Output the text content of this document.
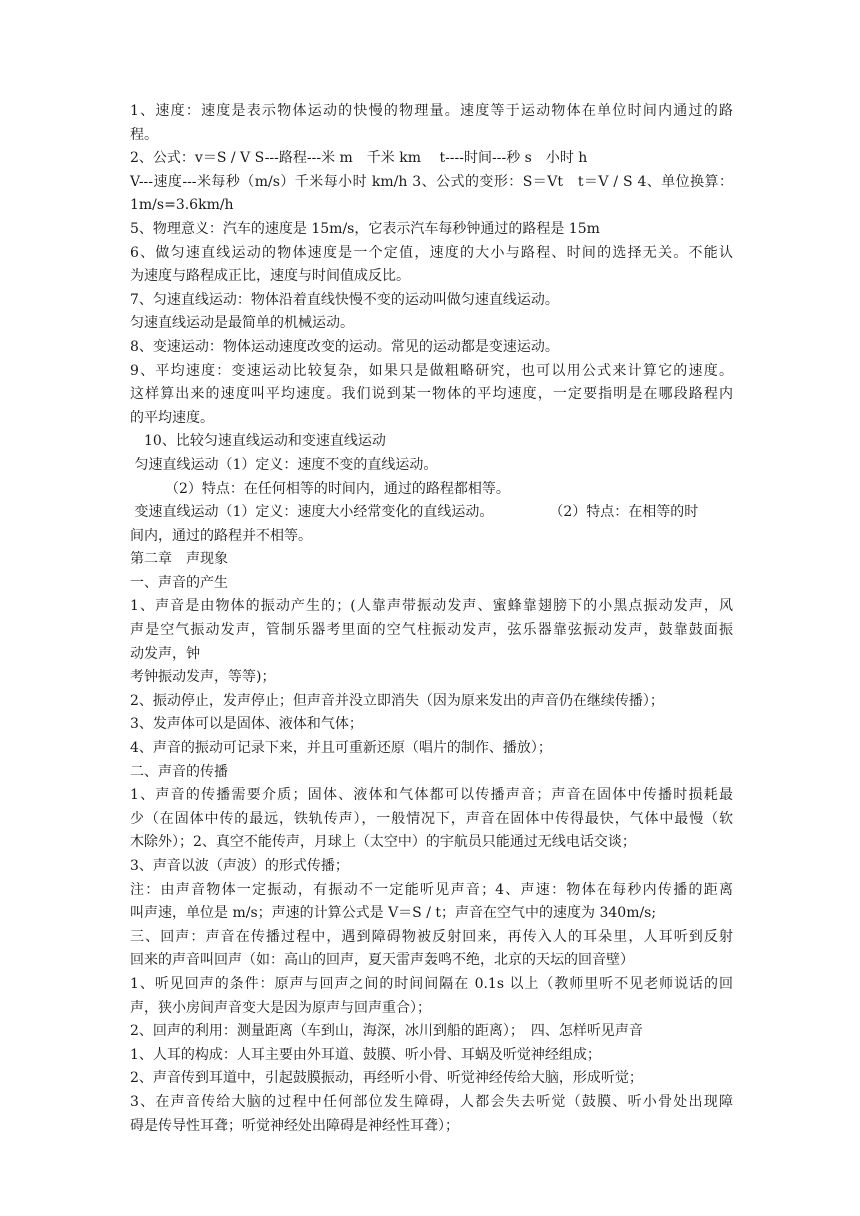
1、速度：速度是表示物体运动的快慢的物理量。速度等于运动物体在单位时间内通过的路
程。
2、公式：v＝S / V S---路程---米 m　千米 km　 t----时间---秒 s　小时 h
V---速度---米每秒（m/s）千米每小时 km/h 3、公式的变形：S＝Vt　t＝V / S 4、单位换算：
1m/s=3.6km/h
5、物理意义：汽车的速度是 15m/s，它表示汽车每秒钟通过的路程是 15m
6、做匀速直线运动的物体速度是一个定值，速度的大小与路程、时间的选择无关。不能认
为速度与路程成正比，速度与时间值成反比。
7、匀速直线运动：物体沿着直线快慢不变的运动叫做匀速直线运动。
匀速直线运动是最简单的机械运动。
8、变速运动：物体运动速度改变的运动。常见的运动都是变速运动。
9、平均速度：变速运动比较复杂，如果只是做粗略研究，也可以用公式来计算它的速度。
这样算出来的速度叫平均速度。我们说到某一物体的平均速度，一定要指明是在哪段路程内
的平均速度。
　10、比较匀速直线运动和变速直线运动
匀速直线运动（1）定义：速度不变的直线运动。
　　　（2）特点：在任何相等的时间内，通过的路程都相等。
变速直线运动（1）定义：速度大小经常变化的直线运动。　　　　　（2）特点：在相等的时
间内，通过的路程并不相等。
第二章　声现象
一、声音的产生
1、声音是由物体的振动产生的；(人靠声带振动发声、蜜蜂靠翅膀下的小黑点振动发声，风
声是空气振动发声，管制乐器考里面的空气柱振动发声，弦乐器靠弦振动发声，鼓靠鼓面振
动发声，钟
考钟振动发声，等等)；
2、振动停止，发声停止；但声音并没立即消失（因为原来发出的声音仍在继续传播）；
3、发声体可以是固体、液体和气体；
4、声音的振动可记录下来，并且可重新还原（唱片的制作、播放）；
二、声音的传播
1、声音的传播需要介质；固体、液体和气体都可以传播声音；声音在固体中传播时损耗最
少（在固体中传的最远，铁轨传声），一般情况下，声音在固体中传得最快，气体中最慢（软
木除外）；2、真空不能传声，月球上（太空中）的宇航员只能通过无线电话交谈；
3、声音以波（声波）的形式传播；
注：由声音物体一定振动，有振动不一定能听见声音；4、声速：物体在每秒内传播的距离
叫声速，单位是 m/s；声速的计算公式是 V＝S / t；声音在空气中的速度为 340m/s;
三、回声：声音在传播过程中，遇到障碍物被反射回来，再传入人的耳朵里，人耳听到反射
回来的声音叫回声（如：高山的回声，夏天雷声轰鸣不绝，北京的天坛的回音壁）
1、听见回声的条件：原声与回声之间的时间间隔在 0.1s 以上（教师里听不见老师说话的回
声，狭小房间声音变大是因为原声与回声重合）；
2、回声的利用：测量距离（车到山，海深，冰川到船的距离）；　四、怎样听见声音
1、人耳的构成：人耳主要由外耳道、鼓膜、听小骨、耳蜗及听觉神经组成；
2、声音传到耳道中，引起鼓膜振动，再经听小骨、听觉神经传给大脑，形成听觉；
3、在声音传给大脑的过程中任何部位发生障碍，人都会失去听觉（鼓膜、听小骨处出现障
碍是传导性耳聋；听觉神经处出障碍是神经性耳聋）；
